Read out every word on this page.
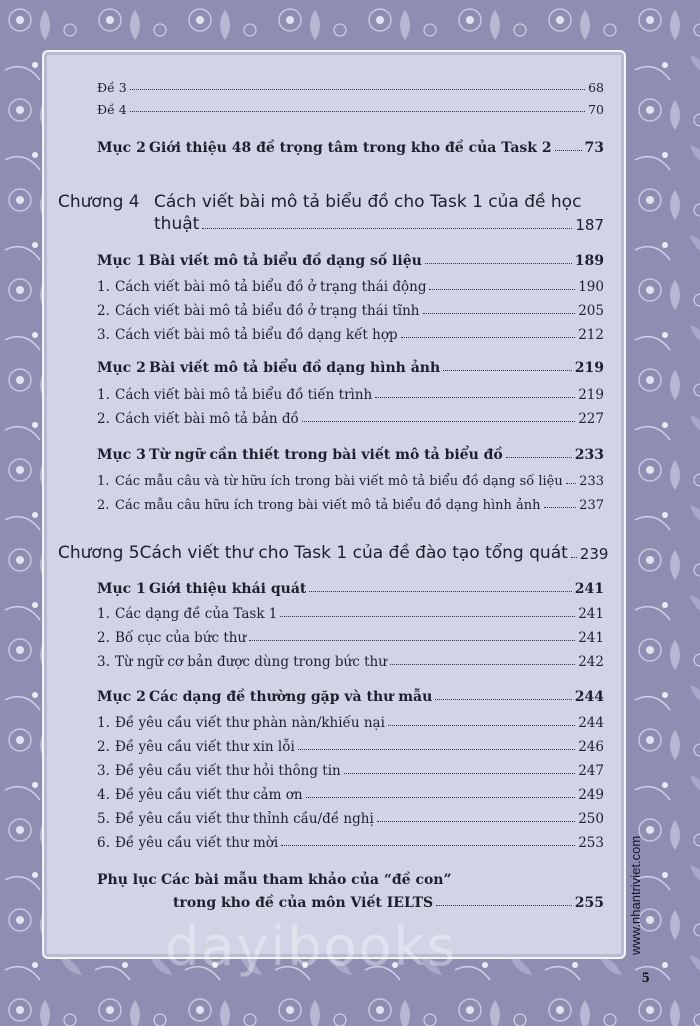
Đề 3	68
Đề 4	70
Mục 2 Giới thiệu 48 đề trọng tâm trong kho đề của Task 2 73
Chương 4 Cách viết bài mô tả biểu đồ cho Task 1 của đề học
thuật	187
Mục 1 Bài viết mô tả biểu đồ dạng số liệu	189
1. Cách viết bài mô tả biểu đồ ở trạng thái động	190
2. Cách viết bài mô tả biểu đồ ở trạng thái tĩnh	205
3. Cách viết bài mô tả biểu đồ dạng kết hợp	212
Mục 2 Bài viết mô tả biểu đồ dạng hình ảnh	219
1. Cách viết bài mô tả biểu đồ tiến trình	219
2. Cách viết bài mô tả bản đồ	227
Mục 3 Từ ngữ cần thiết trong bài viết mô tả biểu đồ	233
1. Các mẫu câu và từ hữu ích trong bài viết mô tả biểu đồ dạng số liệu 233
2. Các mẫu câu hữu ích trong bài viết mô tả biểu đồ dạng hình ảnh	237
Chương 5 Cách viết thư cho Task 1 của đề đào tạo tổng quát 239
Mục 1 Giới thiệu khái quát	241
1. Các dạng đề của Task 1	241
2. Bố cục của bức thư	241
3. Từ ngữ cơ bản được dùng trong bức thư	242
Mục 2 Các dạng đề thường gặp và thư mẫu	244
1. Đề yêu cầu viết thư phàn nàn/khiếu nại	244
2. Đề yêu cầu viết thư xin lỗi	246
3. Đề yêu cầu viết thư hỏi thông tin	247
4. Đề yêu cầu viết thư cảm ơn	249
5. Đề yêu cầu viết thư thỉnh cầu/đề nghị	250
6. Đề yêu cầu viết thư mời	253
Phụ lục Các bài mẫu tham khảo của “đề con”
trong kho đề của môn Viết IELTS	255
dayibooks	www.nhantriviet.com
5
